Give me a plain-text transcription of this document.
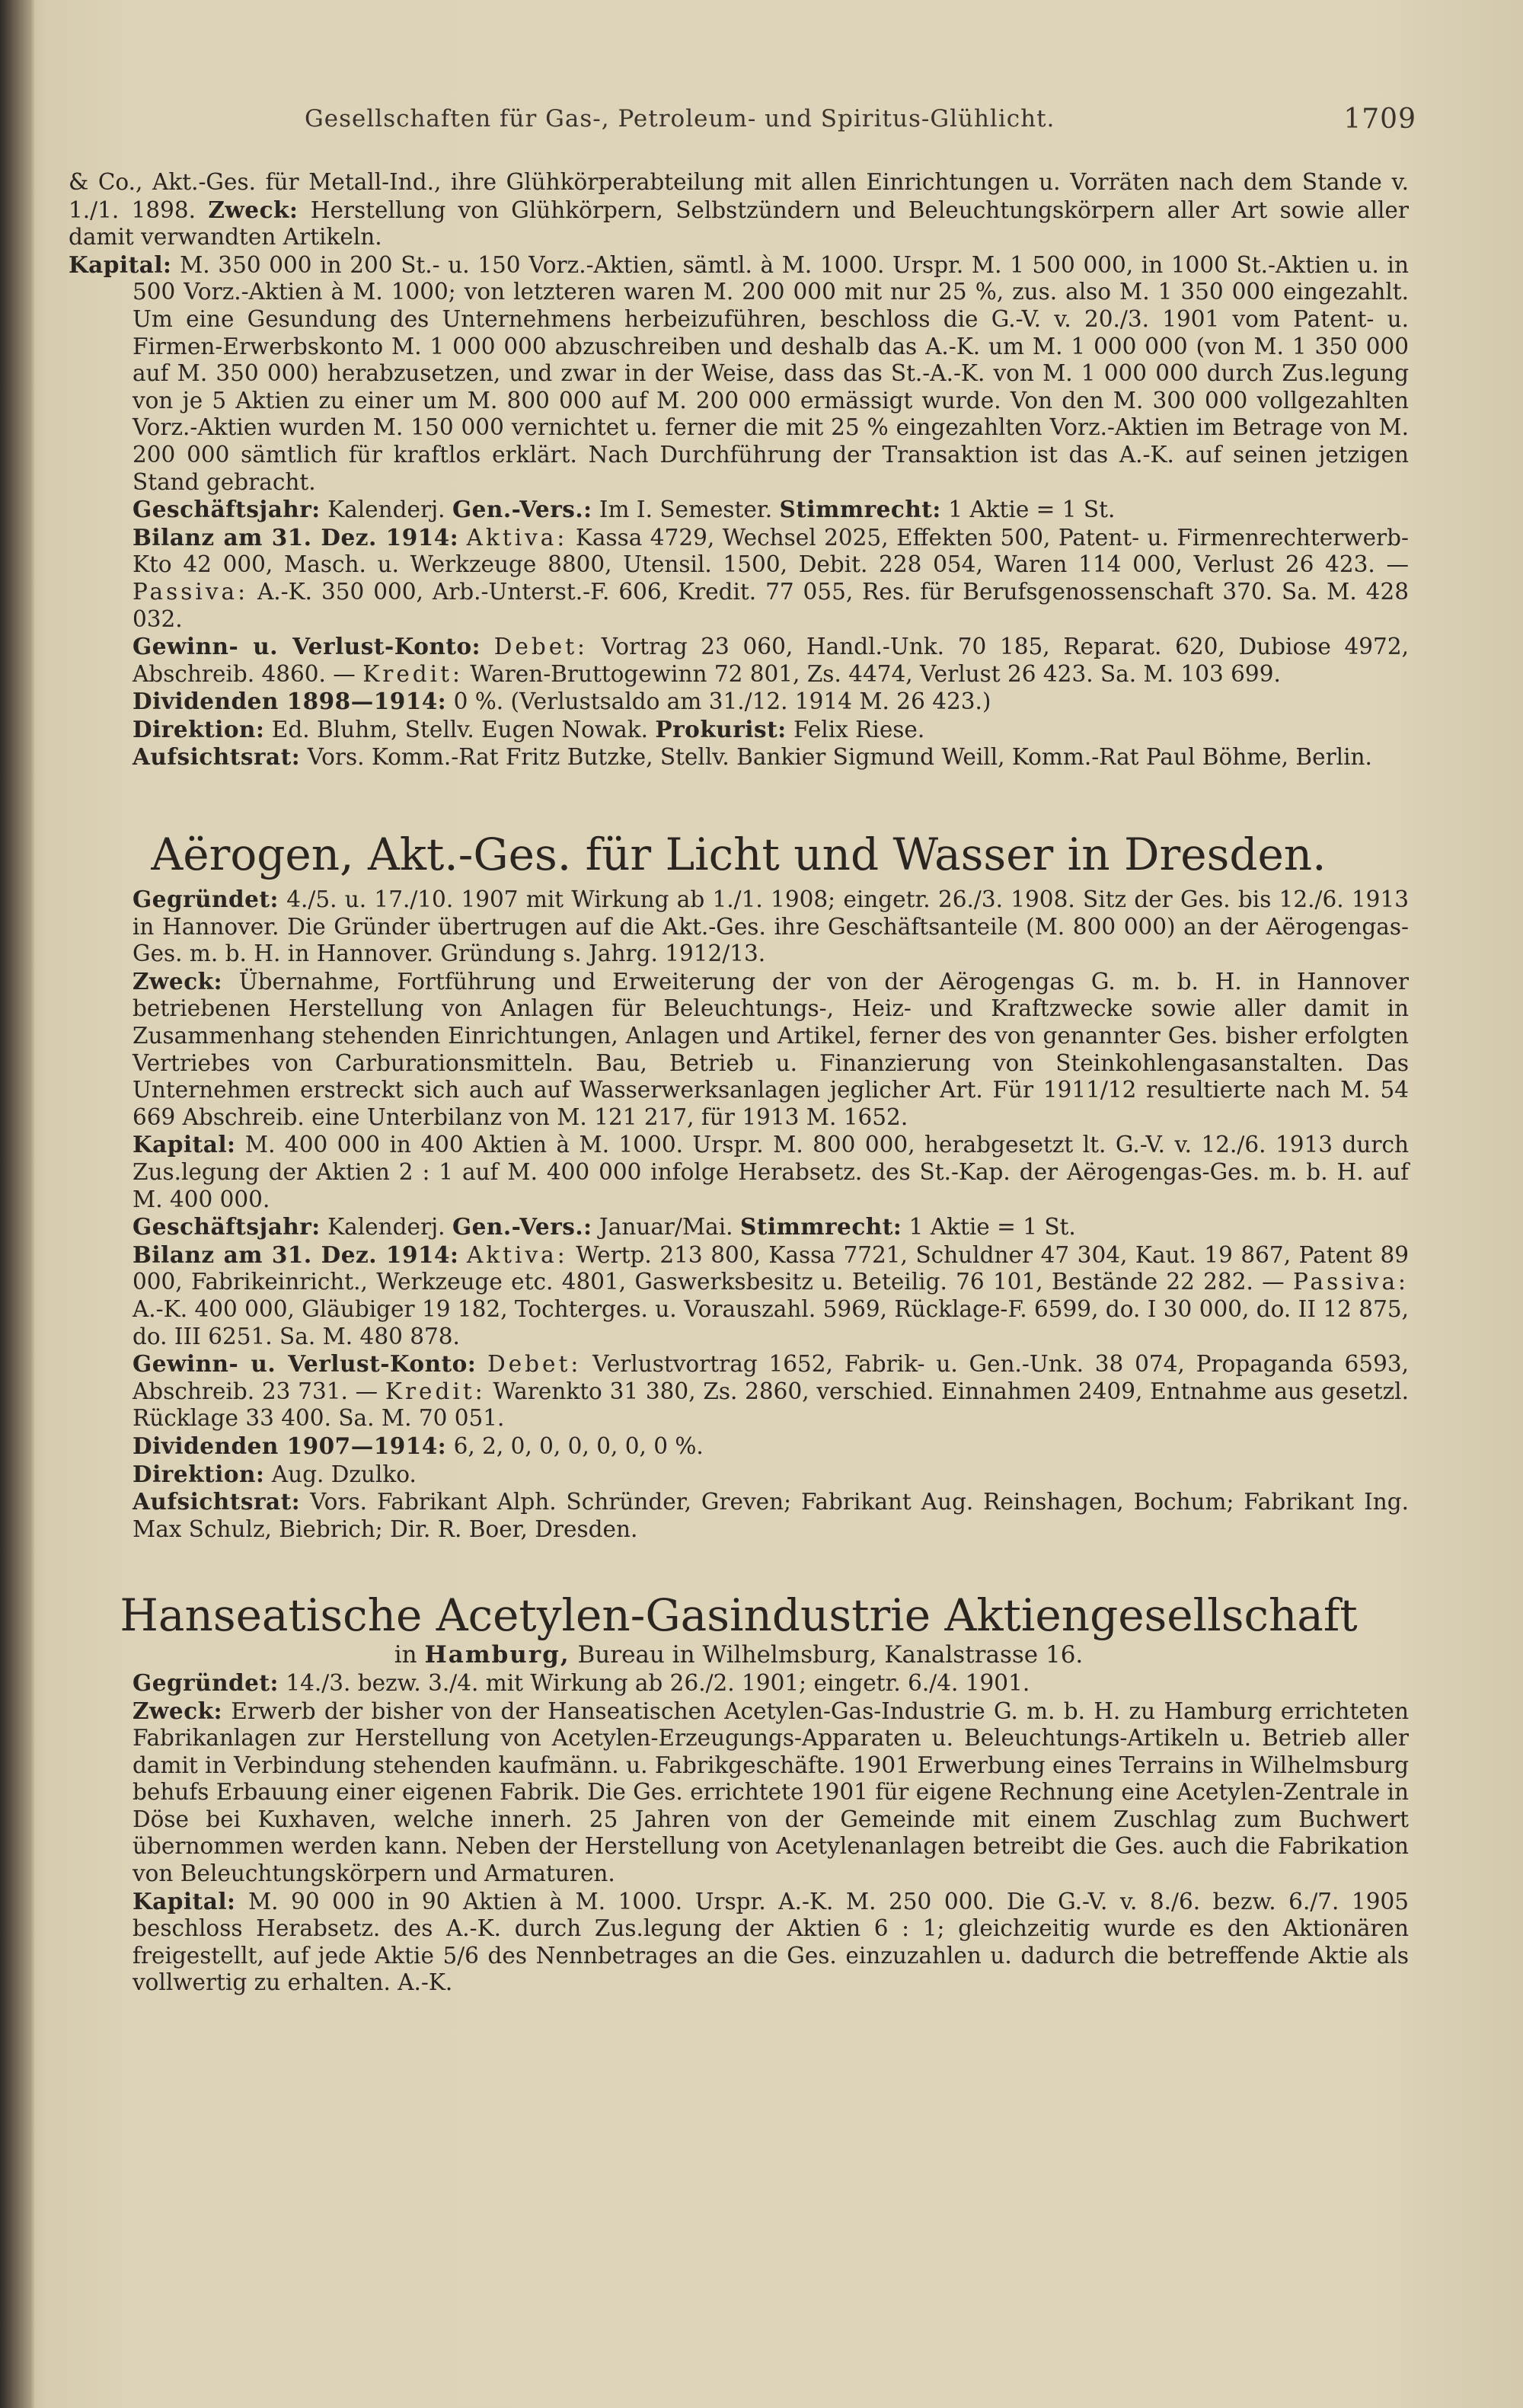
Gesellschaften für Gas-, Petroleum- und Spiritus-Glühlicht.	1709

& Co., Akt.-Ges. für Metall-Ind., ihre Glühkörperabteilung mit allen Einrichtungen u. Vorräten nach dem Stande v. 1./1. 1898. Zweck: Herstellung von Glühkörpern, Selbstzündern und Beleuchtungskörpern aller Art sowie aller damit verwandten Artikeln.

Kapital: M. 350 000 in 200 St.- u. 150 Vorz.-Aktien, sämtl. à M. 1000. Urspr. M. 1 500 000, in 1000 St.-Aktien u. in 500 Vorz.-Aktien à M. 1000; von letzteren waren M. 200 000 mit nur 25 %, zus. also M. 1 350 000 eingezahlt. Um eine Gesundung des Unternehmens herbeizuführen, beschloss die G.-V. v. 20./3. 1901 vom Patent- u. Firmen-Erwerbskonto M. 1 000 000 abzuschreiben und deshalb das A.-K. um M. 1 000 000 (von M. 1 350 000 auf M. 350 000) herabzusetzen, und zwar in der Weise, dass das St.-A.-K. von M. 1 000 000 durch Zus.legung von je 5 Aktien zu einer um M. 800 000 auf M. 200 000 ermässigt wurde. Von den M. 300 000 vollgezahlten Vorz.-Aktien wurden M. 150 000 vernichtet u. ferner die mit 25 % eingezahlten Vorz.-Aktien im Betrage von M. 200 000 sämtlich für kraftlos erklärt. Nach Durchführung der Transaktion ist das A.-K. auf seinen jetzigen Stand gebracht.

Geschäftsjahr: Kalenderj. Gen.-Vers.: Im I. Semester. Stimmrecht: 1 Aktie = 1 St.

Bilanz am 31. Dez. 1914: Aktiva: Kassa 4729, Wechsel 2025, Effekten 500, Patent- u. Firmenrechterwerb-Kto 42 000, Masch. u. Werkzeuge 8800, Utensil. 1500, Debit. 228 054, Waren 114 000, Verlust 26 423. — Passiva: A.-K. 350 000, Arb.-Unterst.-F. 606, Kredit. 77 055, Res. für Berufsgenossenschaft 370. Sa. M. 428 032.

Gewinn- u. Verlust-Konto: Debet: Vortrag 23 060, Handl.-Unk. 70 185, Reparat. 620, Dubiose 4972, Abschreib. 4860. — Kredit: Waren-Bruttogewinn 72 801, Zs. 4474, Verlust 26 423. Sa. M. 103 699.

Dividenden 1898—1914: 0 %. (Verlustsaldo am 31./12. 1914 M. 26 423.)

Direktion: Ed. Bluhm, Stellv. Eugen Nowak. Prokurist: Felix Riese.

Aufsichtsrat: Vors. Komm.-Rat Fritz Butzke, Stellv. Bankier Sigmund Weill, Komm.-Rat Paul Böhme, Berlin.

Aërogen, Akt.-Ges. für Licht und Wasser in Dresden.

Gegründet: 4./5. u. 17./10. 1907 mit Wirkung ab 1./1. 1908; eingetr. 26./3. 1908. Sitz der Ges. bis 12./6. 1913 in Hannover. Die Gründer übertrugen auf die Akt.-Ges. ihre Geschäftsanteile (M. 800 000) an der Aërogengas-Ges. m. b. H. in Hannover. Gründung s. Jahrg. 1912/13.

Zweck: Übernahme, Fortführung und Erweiterung der von der Aërogengas G. m. b. H. in Hannover betriebenen Herstellung von Anlagen für Beleuchtungs-, Heiz- und Kraftzwecke sowie aller damit in Zusammenhang stehenden Einrichtungen, Anlagen und Artikel, ferner des von genannter Ges. bisher erfolgten Vertriebes von Carburationsmitteln. Bau, Betrieb u. Finanzierung von Steinkohlengasanstalten. Das Unternehmen erstreckt sich auch auf Wasserwerksanlagen jeglicher Art. Für 1911/12 resultierte nach M. 54 669 Abschreib. eine Unterbilanz von M. 121 217, für 1913 M. 1652.

Kapital: M. 400 000 in 400 Aktien à M. 1000. Urspr. M. 800 000, herabgesetzt lt. G.-V. v. 12./6. 1913 durch Zus.legung der Aktien 2 : 1 auf M. 400 000 infolge Herabsetz. des St.-Kap. der Aërogengas-Ges. m. b. H. auf M. 400 000.

Geschäftsjahr: Kalenderj. Gen.-Vers.: Januar/Mai. Stimmrecht: 1 Aktie = 1 St.

Bilanz am 31. Dez. 1914: Aktiva: Wertp. 213 800, Kassa 7721, Schuldner 47 304, Kaut. 19 867, Patent 89 000, Fabrikeinricht., Werkzeuge etc. 4801, Gaswerksbesitz u. Beteilig. 76 101, Bestände 22 282. — Passiva: A.-K. 400 000, Gläubiger 19 182, Tochterges. u. Vorauszahl. 5969, Rücklage-F. 6599, do. I 30 000, do. II 12 875, do. III 6251. Sa. M. 480 878.

Gewinn- u. Verlust-Konto: Debet: Verlustvortrag 1652, Fabrik- u. Gen.-Unk. 38 074, Propaganda 6593, Abschreib. 23 731. — Kredit: Warenkto 31 380, Zs. 2860, verschied. Einnahmen 2409, Entnahme aus gesetzl. Rücklage 33 400. Sa. M. 70 051.

Dividenden 1907—1914: 6, 2, 0, 0, 0, 0, 0, 0 %.

Direktion: Aug. Dzulko.

Aufsichtsrat: Vors. Fabrikant Alph. Schründer, Greven; Fabrikant Aug. Reinshagen, Bochum; Fabrikant Ing. Max Schulz, Biebrich; Dir. R. Boer, Dresden.

Hanseatische Acetylen-Gasindustrie Aktiengesellschaft

in Hamburg, Bureau in Wilhelmsburg, Kanalstrasse 16.

Gegründet: 14./3. bezw. 3./4. mit Wirkung ab 26./2. 1901; eingetr. 6./4. 1901.

Zweck: Erwerb der bisher von der Hanseatischen Acetylen-Gas-Industrie G. m. b. H. zu Hamburg errichteten Fabrikanlagen zur Herstellung von Acetylen-Erzeugungs-Apparaten u. Beleuchtungs-Artikeln u. Betrieb aller damit in Verbindung stehenden kaufmänn. u. Fabrikgeschäfte. 1901 Erwerbung eines Terrains in Wilhelmsburg behufs Erbauung einer eigenen Fabrik. Die Ges. errichtete 1901 für eigene Rechnung eine Acetylen-Zentrale in Döse bei Kuxhaven, welche innerh. 25 Jahren von der Gemeinde mit einem Zuschlag zum Buchwert übernommen werden kann. Neben der Herstellung von Acetylenanlagen betreibt die Ges. auch die Fabrikation von Beleuchtungskörpern und Armaturen.

Kapital: M. 90 000 in 90 Aktien à M. 1000. Urspr. A.-K. M. 250 000. Die G.-V. v. 8./6. bezw. 6./7. 1905 beschloss Herabsetz. des A.-K. durch Zus.legung der Aktien 6 : 1; gleichzeitig wurde es den Aktionären freigestellt, auf jede Aktie 5/6 des Nennbetrages an die Ges. einzuzahlen u. dadurch die betreffende Aktie als vollwertig zu erhalten. A.-K.
